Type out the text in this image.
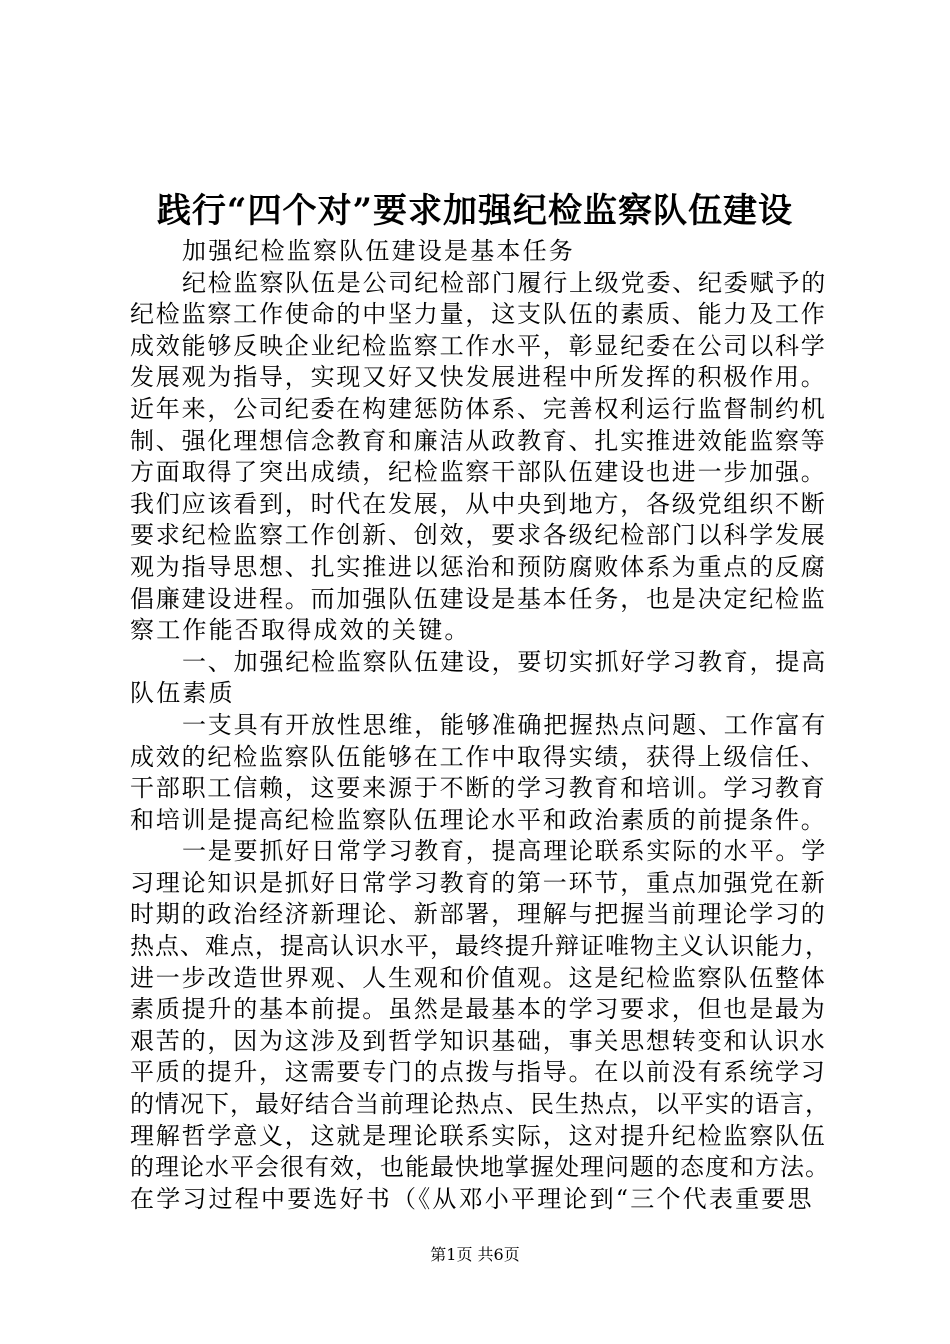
践行“四个对”要求加强纪检监察队伍建设
加强纪检监察队伍建设是基本任务
纪检监察队伍是公司纪检部门履行上级党委、纪委赋予的
纪检监察工作使命的中坚力量，这支队伍的素质、能力及工作
成效能够反映企业纪检监察工作水平，彰显纪委在公司以科学
发展观为指导，实现又好又快发展进程中所发挥的积极作用。
近年来，公司纪委在构建惩防体系、完善权利运行监督制约机
制、强化理想信念教育和廉洁从政教育、扎实推进效能监察等
方面取得了突出成绩，纪检监察干部队伍建设也进一步加强。
我们应该看到，时代在发展，从中央到地方，各级党组织不断
要求纪检监察工作创新、创效，要求各级纪检部门以科学发展
观为指导思想、扎实推进以惩治和预防腐败体系为重点的反腐
倡廉建设进程。而加强队伍建设是基本任务，也是决定纪检监
察工作能否取得成效的关键。
一、加强纪检监察队伍建设，要切实抓好学习教育，提高
队伍素质
一支具有开放性思维，能够准确把握热点问题、工作富有
成效的纪检监察队伍能够在工作中取得实绩，获得上级信任、
干部职工信赖，这要来源于不断的学习教育和培训。学习教育
和培训是提高纪检监察队伍理论水平和政治素质的前提条件。
一是要抓好日常学习教育，提高理论联系实际的水平。学
习理论知识是抓好日常学习教育的第一环节，重点加强党在新
时期的政治经济新理论、新部署，理解与把握当前理论学习的
热点、难点，提高认识水平，最终提升辩证唯物主义认识能力，
进一步改造世界观、人生观和价值观。这是纪检监察队伍整体
素质提升的基本前提。虽然是最基本的学习要求，但也是最为
艰苦的，因为这涉及到哲学知识基础，事关思想转变和认识水
平质的提升，这需要专门的点拨与指导。在以前没有系统学习
的情况下，最好结合当前理论热点、民生热点，以平实的语言，
理解哲学意义，这就是理论联系实际，这对提升纪检监察队伍
的理论水平会很有效，也能最快地掌握处理问题的态度和方法。
在学习过程中要选好书（《从邓小平理论到“三个代表重要思
第1页 共6页
